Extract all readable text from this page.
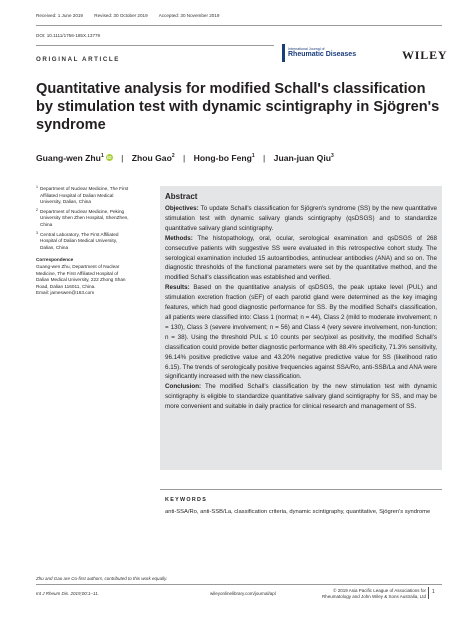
Received: 1 June 2019 Revised: 30 October 2019 Accepted: 30 November 2019
DOI: 10.1111/1756-185X.13779
ORIGINAL ARTICLE
International Journal of
Rheumatic Diseases	WILEY
Quantitative analysis for modified Schall's classification by stimulation test with dynamic scintigraphy in Sjögren's syndrome
Guang-wen Zhu$^1$ iD | Zhou Gao$^2$ | Hong-bo Feng$^1$ | Juan-juan Qiu$^3$

1 Department of Nuclear Medicine, The First Affiliated Hospital of Dalian Medical University, Dalian, China

2 Department of Nuclear Medicine, Peking University Shen Zhen Hospital, ShenZhen, China

3 Central Laboratory, The First Affiliated Hospital of Dalian Medical University, Dalian, China

Correspondence
Guang-wen Zhu, Department of Nuclear Medicine, The First Affiliated Hospital of Dalian Medical University, 222 Zhong Shan Road, Dalian 116011, China.
Email: jameswen@163.com
Abstract

Objectives: To update Schall's classification for Sjögren's syndrome (SS) by the new quantitative stimulation test with dynamic salivary glands scintigraphy (qsDSGS) and to standardize quantitative salivary gland scintigraphy.

Methods: The histopathology, oral, ocular, serological examination and qsDSGS of 268 consecutive patients with suggestive SS were evaluated in this retrospective cohort study. The serological examination included 15 autoantibodies, antinuclear antibodies (ANA) and so on. The diagnostic thresholds of the functional parameters were set by the quantitative method, and the modified Schall's classification was established and verified.

Results: Based on the quantitative analysis of qsDSGS, the peak uptake level (PUL) and stimulation excretion fraction (sEF) of each parotid gland were determined as the key imaging features, which had good diagnostic performance for SS. By the modified Schall's classification, all patients were classified into: Class 1 (normal; n = 44), Class 2 (mild to moderate involvement; n = 130), Class 3 (severe involvement; n = 56) and Class 4 (very severe involvement, non-function; n = 38). Using the threshold PUL ≤ 10 counts per sec/pixel as positivity, the modified Schall's classification could provide better diagnostic performance with 88.4% specificity, 71.3% sensitivity, 96.14% positive predictive value and 43.20% negative predictive value for SS (likelihood ratio 6.15). The trends of serologically positive frequencies against SSA/Ro, anti-SSB/La and ANA were significantly increased with the new classification.

Conclusion: The modified Schall's classification by the new stimulation test with dynamic scintigraphy is eligible to standardize quantitative salivary gland scintigraphy for SS, and may be more convenient and suitable in daily practice for clinical research and management of SS.

KEYWORDS
anti-SSA/Ro, anti-SSB/La, classification criteria, dynamic scintigraphy, quantitative, Sjögren's syndrome
Zhu and Gao are Co-first authors, contributed to this work equally.
Int J Rheum Dis. 2019;00:1–11.	wileyonlinelibrary.com/journal/apl
© 2019 Asia Pacific League of Associations for Rheumatology and John Wiley & Sons Australia, Ltd
1
